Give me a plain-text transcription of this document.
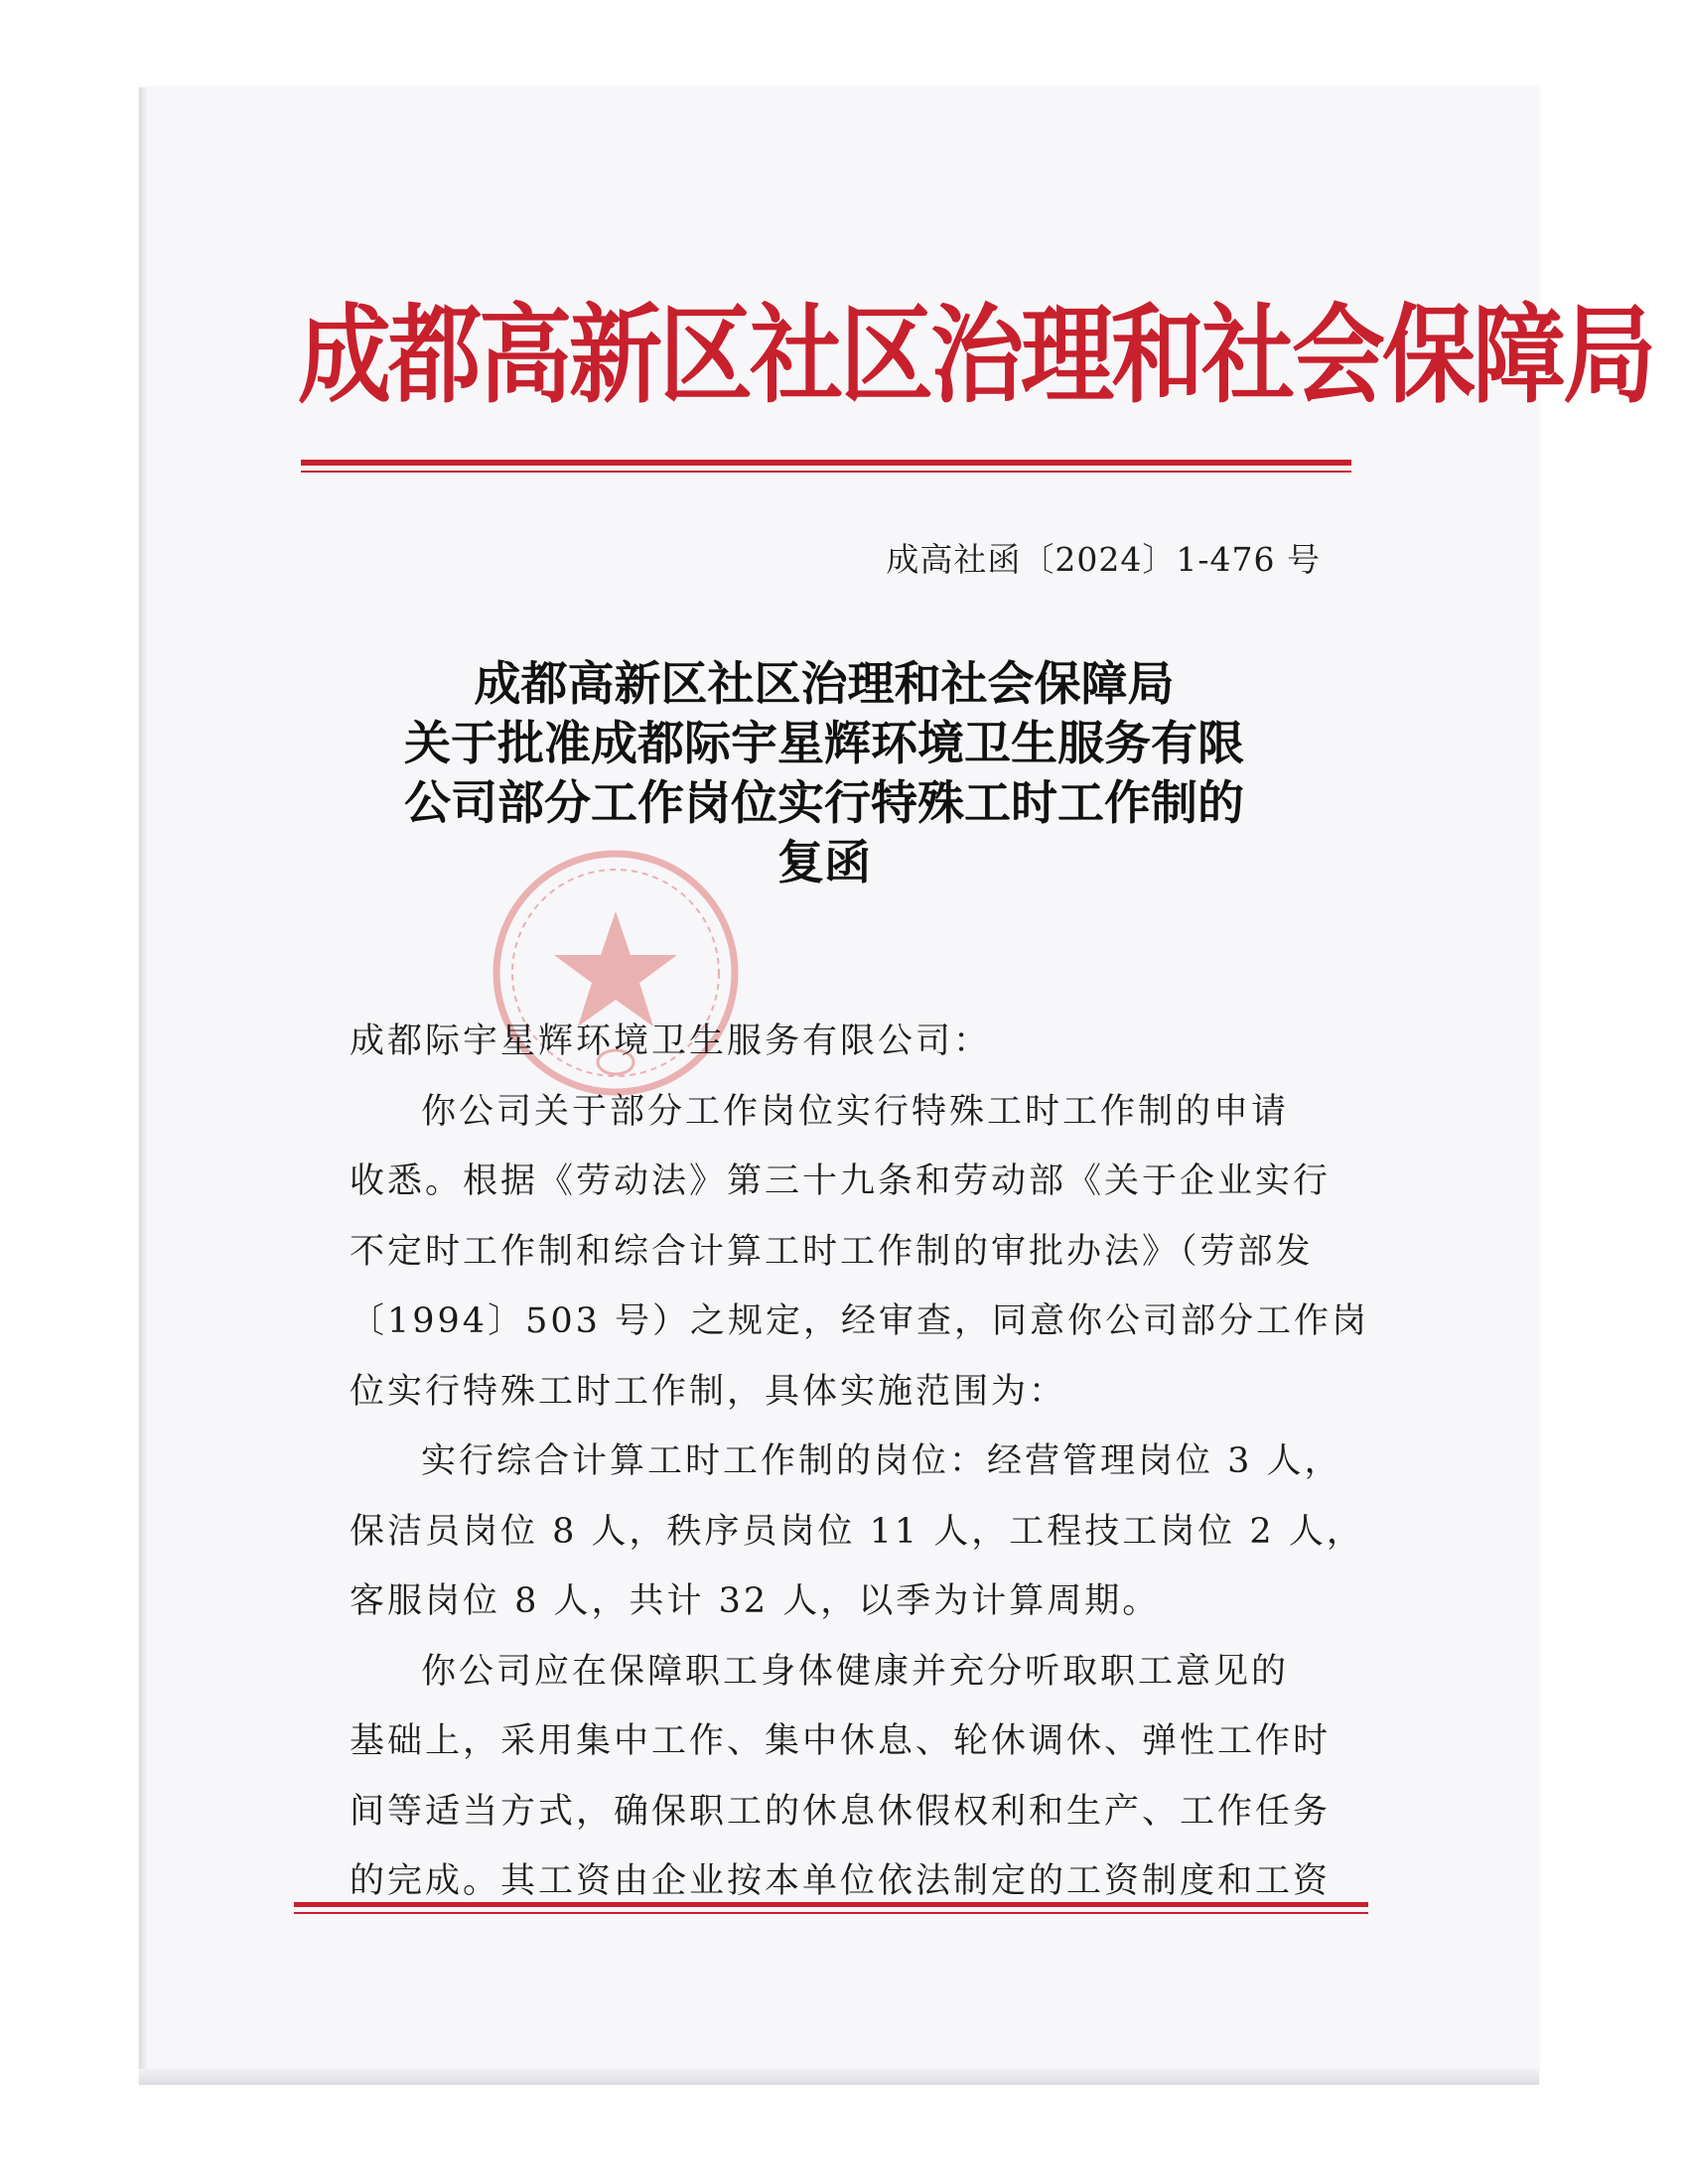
成都高新区社区治理和社会保障局
成高社函〔2024〕1-476 号
成都高新区社区治理和社会保障局
关于批准成都际宇星辉环境卫生服务有限
公司部分工作岗位实行特殊工时工作制的
复函
成都际宇星辉环境卫生服务有限公司：
你公司关于部分工作岗位实行特殊工时工作制的申请
收悉。根据《劳动法》第三十九条和劳动部《关于企业实行
不定时工作制和综合计算工时工作制的审批办法》（劳部发
〔1994〕503 号）之规定，经审查，同意你公司部分工作岗
位实行特殊工时工作制，具体实施范围为：
实行综合计算工时工作制的岗位：经营管理岗位 3 人，
保洁员岗位 8 人，秩序员岗位 11 人，工程技工岗位 2 人，
客服岗位 8 人，共计 32 人，以季为计算周期。
你公司应在保障职工身体健康并充分听取职工意见的
基础上，采用集中工作、集中休息、轮休调休、弹性工作时
间等适当方式，确保职工的休息休假权利和生产、工作任务
的完成。其工资由企业按本单位依法制定的工资制度和工资
